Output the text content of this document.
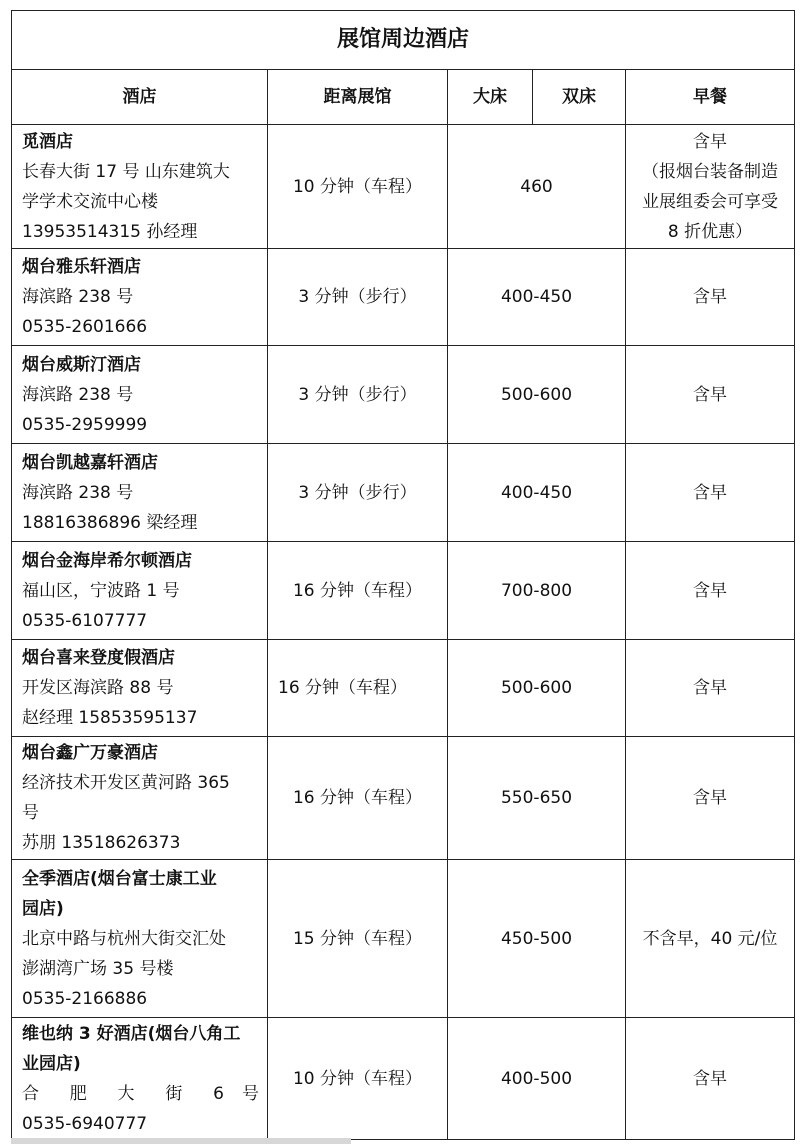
展馆周边酒店				
酒店	距离展馆	大床	双床	早餐

觅酒店
长春大街 17 号 山东建筑大
学学术交流中心楼
13953514315 孙经理	10 分钟（车程）	460		含早
（报烟台装备制造
业展组委会可享受
8 折优惠）

烟台雅乐轩酒店
海滨路 238 号
0535-2601666	3 分钟（步行）	400-450		含早

烟台威斯汀酒店
海滨路 238 号
0535-2959999	3 分钟（步行）	500-600		含早

烟台凯越嘉轩酒店
海滨路 238 号
18816386896 梁经理	3 分钟（步行）	400-450		含早

烟台金海岸希尔顿酒店
福山区，宁波路 1 号
0535-6107777	16 分钟（车程）	700-800		含早

烟台喜来登度假酒店
开发区海滨路 88 号
赵经理 15853595137	16 分钟（车程）	500-600		含早

烟台鑫广万豪酒店
经济技术开发区黄河路 365
号
苏朋 13518626373	16 分钟（车程）	550-650		含早

全季酒店(烟台富士康工业
园店)
北京中路与杭州大街交汇处
澎湖湾广场 35 号楼
0535-2166886	15 分钟（车程）	450-500		不含早，40 元/位

维也纳 3 好酒店(烟台八角工
业园店)
合 肥 大 街 6 号
0535-6940777	10 分钟（车程）	400-500		含早
